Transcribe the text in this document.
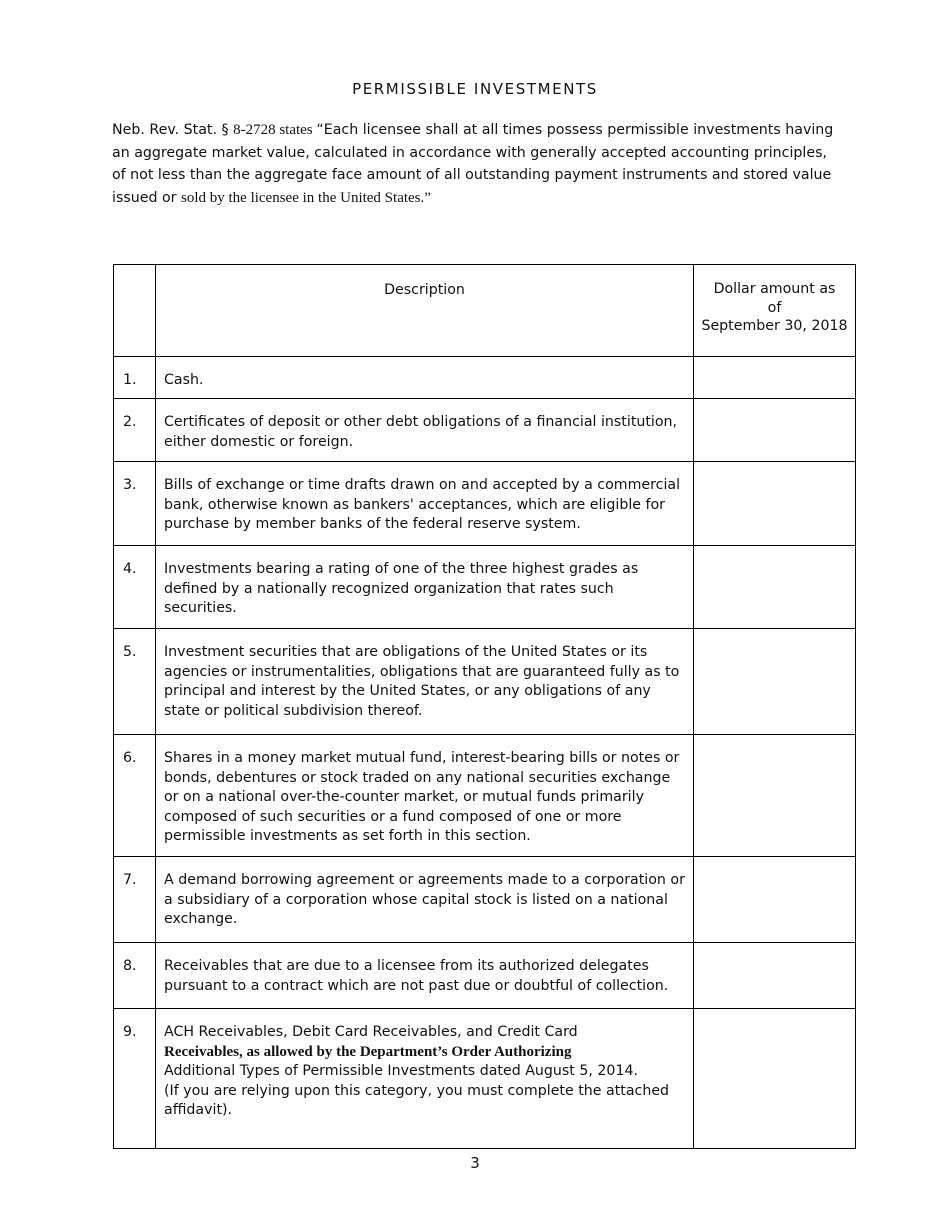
PERMISSIBLE INVESTMENTS
Neb. Rev. Stat. § 8-2728 states “Each licensee shall at all times possess permissible investments having an aggregate market value, calculated in accordance with generally accepted accounting principles, of not less than the aggregate face amount of all outstanding payment instruments and stored value issued or sold by the licensee in the United States.”
	Description	Dollar amount as
of
September 30, 2018

1.	Cash.	
2.	Certificates of deposit or other debt obligations of a financial institution, either domestic or foreign.	
3.	Bills of exchange or time drafts drawn on and accepted by a commercial bank, otherwise known as bankers' acceptances, which are eligible for purchase by member banks of the federal reserve system.	
4.	Investments bearing a rating of one of the three highest grades as defined by a nationally recognized organization that rates such securities.	
5.	Investment securities that are obligations of the United States or its agencies or instrumentalities, obligations that are guaranteed fully as to principal and interest by the United States, or any obligations of any state or political subdivision thereof.	
6.	Shares in a money market mutual fund, interest-bearing bills or notes or bonds, debentures or stock traded on any national securities exchange or on a national over-the-counter market, or mutual funds primarily composed of such securities or a fund composed of one or more permissible investments as set forth in this section.	
7.	A demand borrowing agreement or agreements made to a corporation or a subsidiary of a corporation whose capital stock is listed on a national exchange.	
8.	Receivables that are due to a licensee from its authorized delegates pursuant to a contract which are not past due or doubtful of collection.	
9.	ACH Receivables, Debit Card Receivables, and Credit Card
Receivables, as allowed by the Department’s Order Authorizing
Additional Types of Permissible Investments dated August 5, 2014.
(If you are relying upon this category, you must complete the attached affidavit).	

3
